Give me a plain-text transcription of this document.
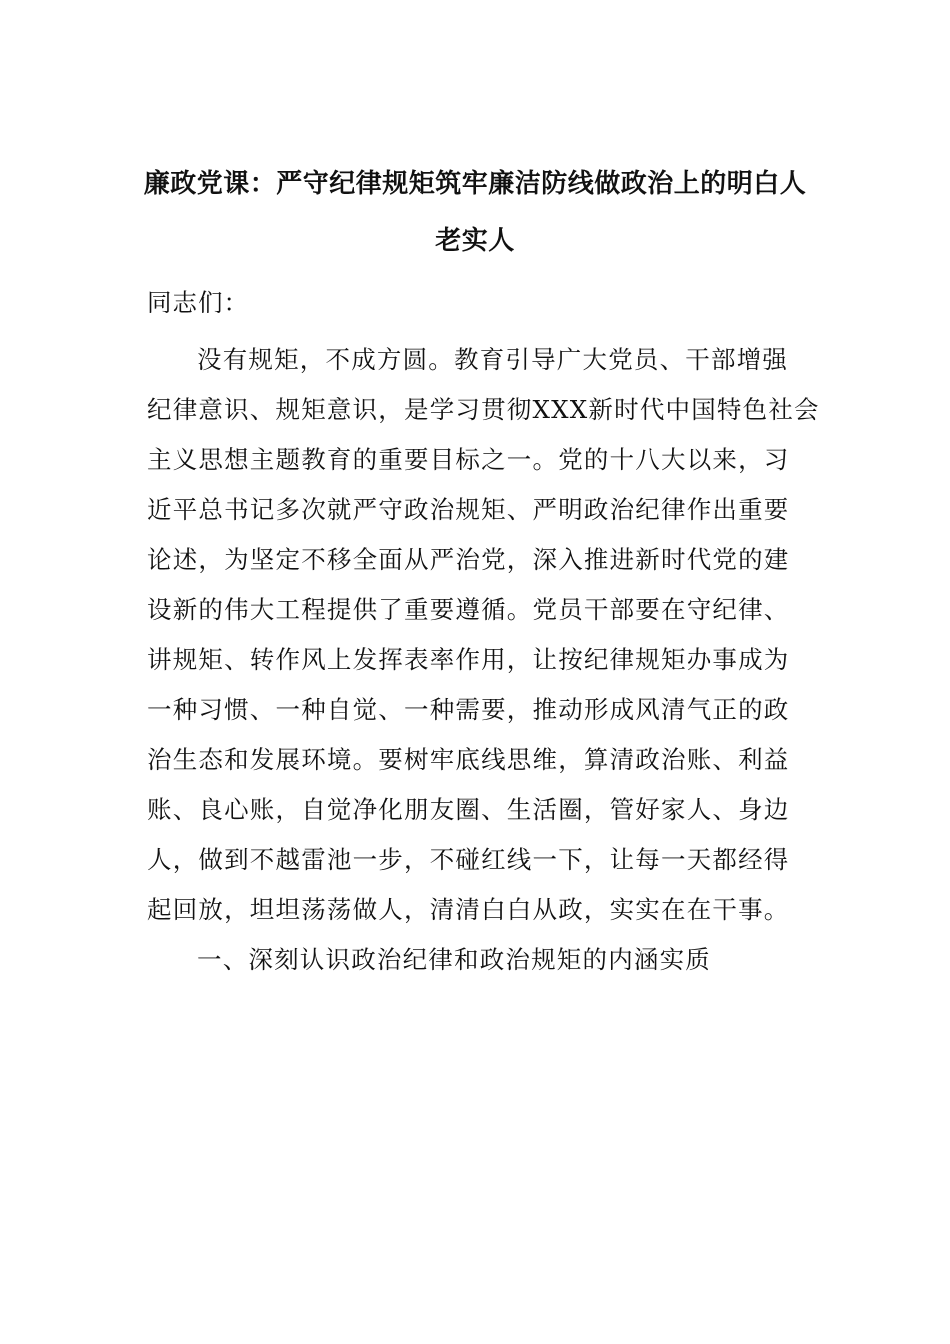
廉政党课：严守纪律规矩筑牢廉洁防线做政治上的明白人
老实人
同志们：
没有规矩，不成方圆。教育引导广大党员、干部增强
纪律意识、规矩意识，是学习贯彻XXX新时代中国特色社会
主义思想主题教育的重要目标之一。党的十八大以来，习
近平总书记多次就严守政治规矩、严明政治纪律作出重要
论述，为坚定不移全面从严治党，深入推进新时代党的建
设新的伟大工程提供了重要遵循。党员干部要在守纪律、
讲规矩、转作风上发挥表率作用，让按纪律规矩办事成为
一种习惯、一种自觉、一种需要，推动形成风清气正的政
治生态和发展环境。要树牢底线思维，算清政治账、利益
账、良心账，自觉净化朋友圈、生活圈，管好家人、身边
人，做到不越雷池一步，不碰红线一下，让每一天都经得
起回放，坦坦荡荡做人，清清白白从政，实实在在干事。
一、深刻认识政治纪律和政治规矩的内涵实质
